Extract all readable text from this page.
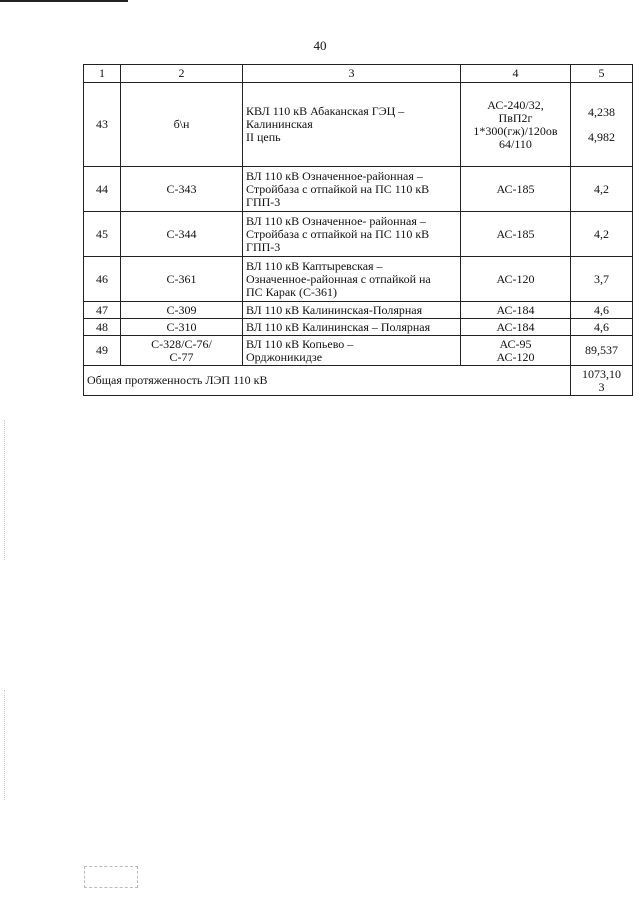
40
1	2	3	4	5
43	б\н	КВЛ 110 кВ Абаканская ГЭЦ –
Калининская
II цепь	АС-240/32,
ПвП2г
1*300(гж)/120ов
64/110	4,238
4,982

44	С-343	ВЛ 110 кВ Означенное-районная –
Стройбаза с отпайкой на ПС 110 кВ
ГПП-3	АС-185	4,2
45	С-344	ВЛ 110 кВ Означенное- районная –
Стройбаза с отпайкой на ПС 110 кВ
ГПП-3	АС-185	4,2
46	С-361	ВЛ 110 кВ Каптыревская –
Означенное-районная с отпайкой на
ПС Карак (С-361)	АС-120	3,7
47	С-309	ВЛ 110 кВ Калининская-Полярная	АС-184	4,6
48	С-310	ВЛ 110 кВ Калининская – Полярная	АС-184	4,6
49	С-328/С-76/
С-77	ВЛ 110 кВ Копьево –
Орджоникидзе	АС-95
АС-120	89,537
Общая протяженность ЛЭП 110 кВ				1073,10
3
